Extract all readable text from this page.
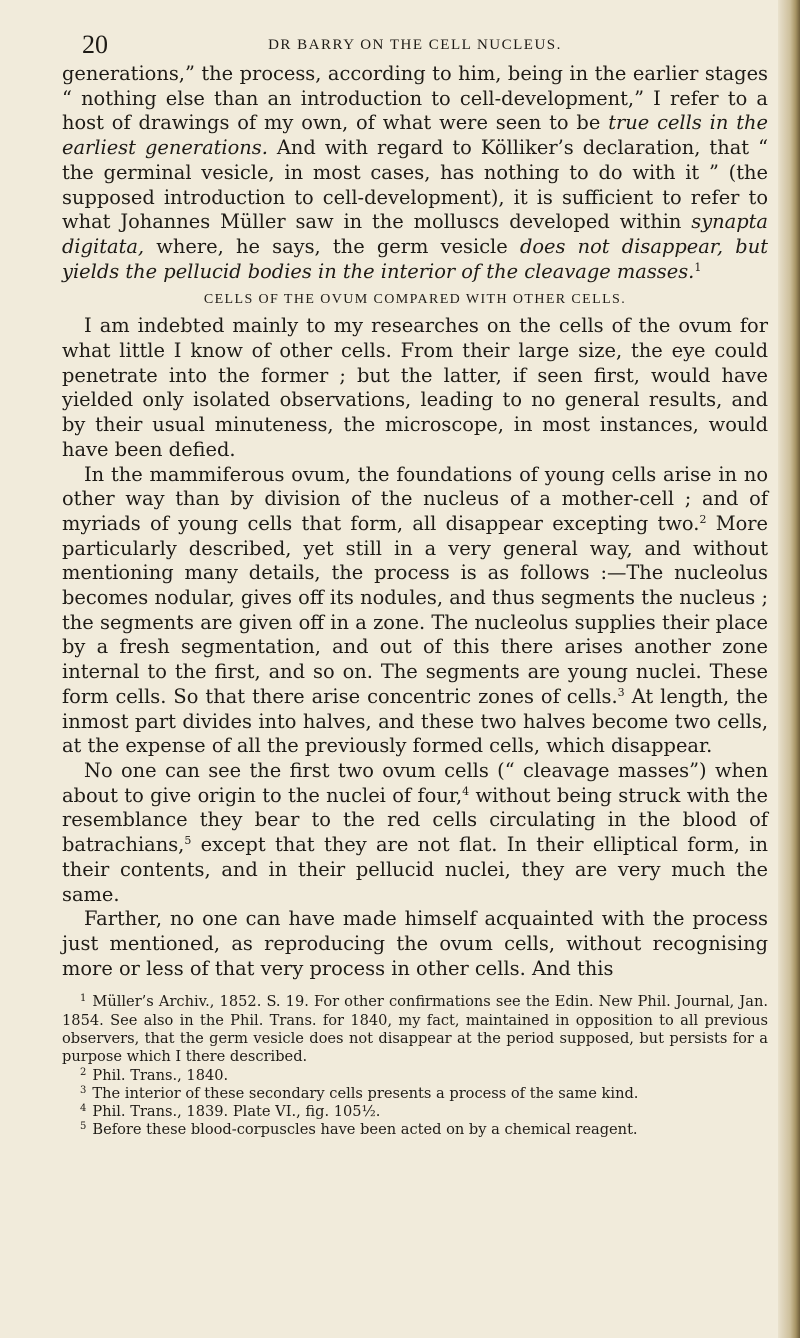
20	DR BARRY ON THE CELL NUCLEUS.

generations,” the process, according to him, being in the earlier stages “ nothing else than an introduction to cell-development,” I refer to a host of drawings of my own, of what were seen to be true cells in the earliest generations. And with regard to Kölliker’s declaration, that “ the germinal vesicle, in most cases, has nothing to do with it ” (the supposed introduction to cell-development), it is sufficient to refer to what Johannes Müller saw in the molluscs developed within synapta digitata, where, he says, the germ vesicle does not disappear, but yields the pellucid bodies in the interior of the cleavage masses.$^1$

CELLS OF THE OVUM COMPARED WITH OTHER CELLS.

I am indebted mainly to my researches on the cells of the ovum for what little I know of other cells. From their large size, the eye could penetrate into the former ; but the latter, if seen first, would have yielded only isolated observations, leading to no general results, and by their usual minuteness, the microscope, in most instances, would have been defied.

In the mammiferous ovum, the foundations of young cells arise in no other way than by division of the nucleus of a mother-cell ; and of myriads of young cells that form, all disappear excepting two.$^2$ More particularly described, yet still in a very general way, and without mentioning many details, the process is as follows :—The nucleolus becomes nodular, gives off its nodules, and thus segments the nucleus ; the segments are given off in a zone. The nucleolus supplies their place by a fresh segmentation, and out of this there arises another zone internal to the first, and so on. The segments are young nuclei. These form cells. So that there arise concentric zones of cells.$^3$ At length, the inmost part divides into halves, and these two halves become two cells, at the expense of all the previously formed cells, which disappear.

No one can see the first two ovum cells (“ cleavage masses”) when about to give origin to the nuclei of four,$^4$ without being struck with the resemblance they bear to the red cells circulating in the blood of batrachians,$^5$ except that they are not flat. In their elliptical form, in their contents, and in their pellucid nuclei, they are very much the same.

Farther, no one can have made himself acquainted with the process just mentioned, as reproducing the ovum cells, without recognising more or less of that very process in other cells. And this

$^1$ Müller’s Archiv., 1852. S. 19. For other confirmations see the Edin. New Phil. Journal, Jan. 1854. See also in the Phil. Trans. for 1840, my fact, maintained in opposition to all previous observers, that the germ vesicle does not disappear at the period supposed, but persists for a purpose which I there described.

$^2$ Phil. Trans., 1840.

$^3$ The interior of these secondary cells presents a process of the same kind.

$^4$ Phil. Trans., 1839. Plate VI., fig. 105½.

$^5$ Before these blood-corpuscles have been acted on by a chemical reagent.
